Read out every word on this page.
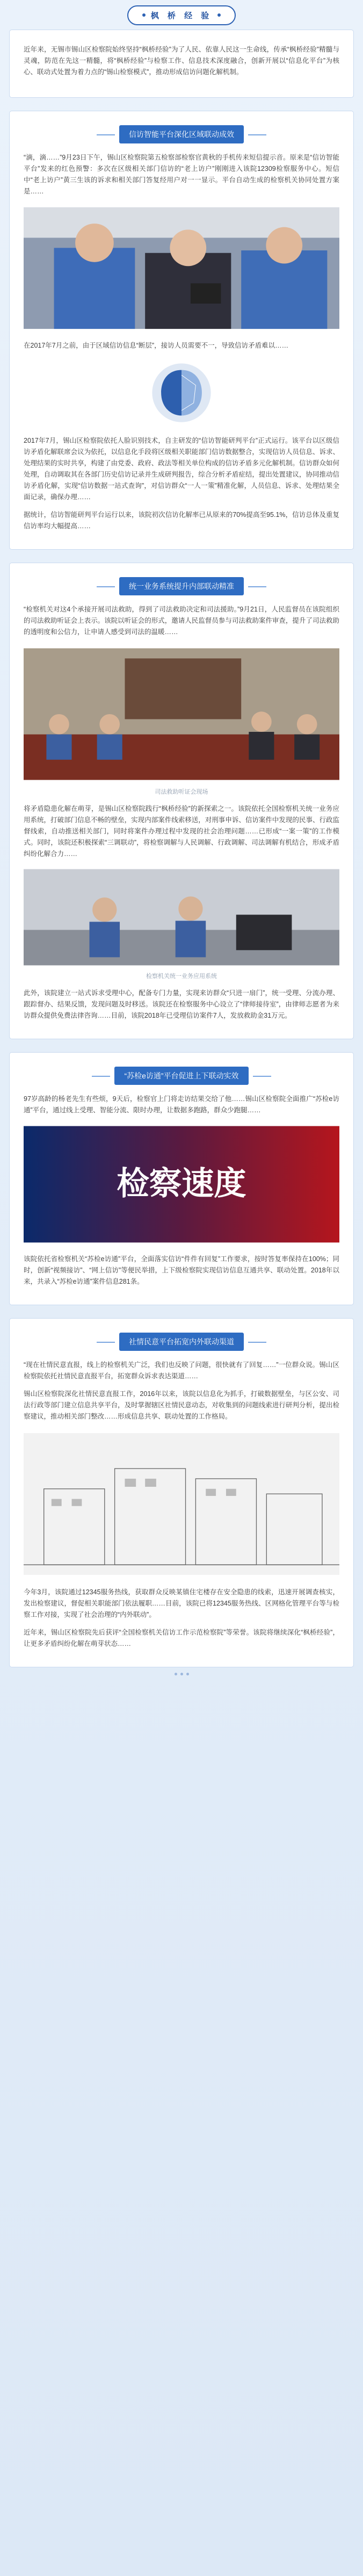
枫 桥 经 验

近年来，无锡市锡山区检察院始终坚持“枫桥经验”为了人民、依靠人民这一生命线，传承“枫桥经验”精髓与灵魂，防范在先这一精髓，将“枫桥经验”与检察工作、信息技术深度融合，创新开展以“信息化平台”为核心、联动式处置为着力点的“锡山检察模式”，推动形成信访问题化解机制。

信访智能平台深化区域联动成效

“滴，滴……”9月23日下午，锡山区检察院第五检察部检察官黄秋的手机传来短信提示音。原来是“信访智能平台”发来的红色预警：多次在区级相关部门信访的“老上访户”刚刚进入该院12309检察服务中心。短信中“老上访户”黄三生该的诉求和相关部门答复经用户对一一显示。平台自动生成的检察机关协同处置方案是……

在2017年7月之前，由于区域信访信息“断层”，接访人员需要不一，导致信访矛盾难以……

2017年7月，锡山区检察院依托人脸识别技术，自主研发的“信访智能研判平台”正式运行。该平台以区级信访矛盾化解联席会议为依托，以信息化手段将区级相关职能部门信访数据整合，实现信访人员信息、诉求、处理结果的实时共享，构建了由党委、政府、政法等相关单位构成的信访矛盾多元化解机制。信访群众如何处理，自动调取其在各部门历史信访记录并生成研判报告，综合分析矛盾症结，提出处置建议，协同推动信访矛盾化解，实现“信访数据一站式查询”，对信访群众“一人一策”精准化解，人员信息、诉求、处理结果全面记录，确保办理……

据统计，信访智能研判平台运行以来，该院初次信访化解率已从原来的70%提高至95.1%，信访总体及重复信访率均大幅提高……

统一业务系统提升内部联动精准

“检察机关对这4个承接开展司法救助，得到了司法救助决定和司法援助。”9月21日，人民监督员在该院组织的司法救助听证会上表示。该院以听证会的形式，邀请人民监督员参与司法救助案件审查，提升了司法救助的透明度和公信力，让申请人感受到司法的温暖……

司法救助听证会现场

将矛盾隐患化解在萌芽，是锡山区检察院践行“枫桥经验”的新探索之一。该院依托全国检察机关统一业务应用系统，打破部门信息不畅的壁垒，实现内部案件线索移送，对刑事申诉、信访案件中发现的民事、行政监督线索，自动推送相关部门，同时将案件办理过程中发现的社会治理问题……已形成“一案一策”的工作模式。同时，该院还积极探索“三调联动”，将检察调解与人民调解、行政调解、司法调解有机结合，形成矛盾纠纷化解合力……

检察机关统一业务应用系统

此外，该院建立一站式诉求受理中心，配备专门力量，实现来访群众“只进一扇门”，统一受理、分流办理、跟踪督办、结果反馈，发现问题及时移送。该院还在检察服务中心设立了“律师接待室”，由律师志愿者为来访群众提供免费法律咨询……目前，该院2018年已受理信访案件7人，发放救助金31万元。

“苏检e访通”平台促进上下联动实效

97岁高龄的杨老先生有些烦，9天后，检察官上门将走访结果交给了他……锡山区检察院全面推广“苏检e访通”平台，通过线上受理、智能分流、限时办理，让数据多跑路，群众少跑腿……

检察速度

该院依托省检察机关“苏检e访通”平台，全面落实信访“件件有回复”工作要求，按时答复率保持在100%；同时，创新“视频接访”、“网上信访”等便民举措，上下级检察院实现信访信息互通共享、联动处置。2018年以来，共录入“苏检e访通”案件信息281条。

社情民意平台拓宽内外联动渠道

“现在社情民意直报，线上的检察机关广泛，我们也反映了问题，很快就有了回复……”一位群众说。锡山区检察院依托社情民意直报平台，拓宽群众诉求表达渠道……

锡山区检察院深化社情民意直报工作，2016年以来，该院以信息化为抓手，打破数据壁垒，与区公安、司法行政等部门建立信息共享平台，及时掌握辖区社情民意动态，对收集到的问题线索进行研判分析，提出检察建议，推动相关部门整改……形成信息共享、联动处置的工作格局。

今年3月，该院通过12345服务热线，获取群众反映某镇住宅楼存在安全隐患的线索，迅速开展调查核实，发出检察建议，督促相关职能部门依法履职……目前，该院已将12345服务热线、区网格化管理平台等与检察工作对接，实现了社会治理的“内外联动”。

近年来，锡山区检察院先后获评“全国检察机关信访工作示范检察院”等荣誉。该院将继续深化“枫桥经验”，让更多矛盾纠纷化解在萌芽状态……
